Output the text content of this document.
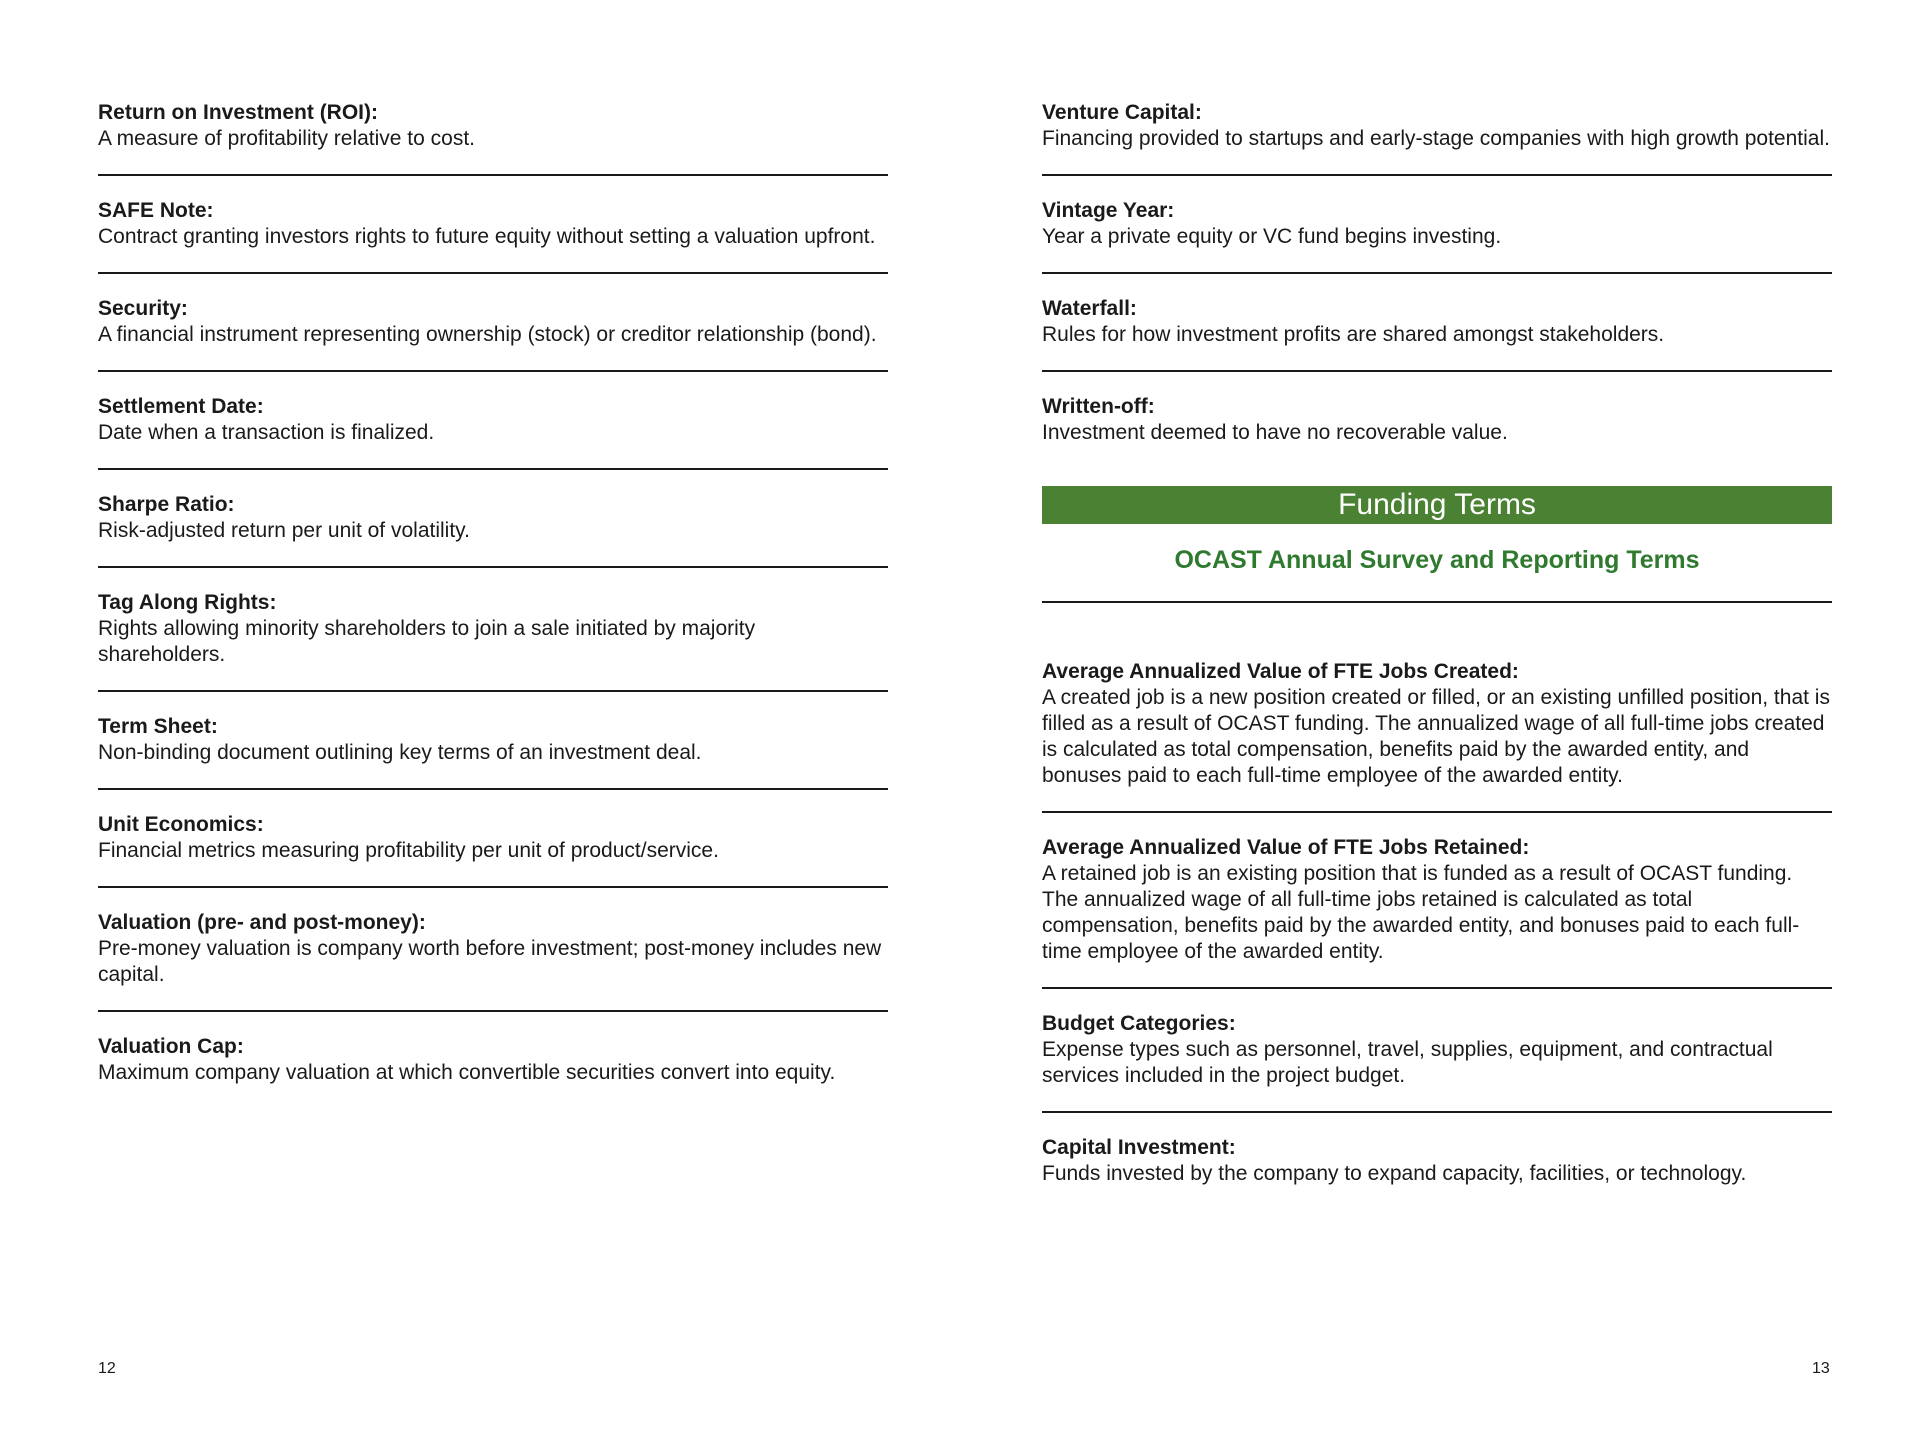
Return on Investment (ROI):
A measure of profitability relative to cost.
SAFE Note:
Contract granting investors rights to future equity without setting a valuation upfront.
Security:
A financial instrument representing ownership (stock) or creditor relationship (bond).
Settlement Date:
Date when a transaction is finalized.
Sharpe Ratio:
Risk-adjusted return per unit of volatility.
Tag Along Rights:
Rights allowing minority shareholders to join a sale initiated by majority shareholders.
Term Sheet:
Non-binding document outlining key terms of an investment deal.
Unit Economics:
Financial metrics measuring profitability per unit of product/service.
Valuation (pre- and post-money):
Pre-money valuation is company worth before investment; post-money includes new capital.
Valuation Cap:
Maximum company valuation at which convertible securities convert into equity.
Venture Capital:
Financing provided to startups and early-stage companies with high growth potential.
Vintage Year:
Year a private equity or VC fund begins investing.
Waterfall:
Rules for how investment profits are shared amongst stakeholders.
Written-off:
Investment deemed to have no recoverable value.
Funding Terms
OCAST Annual Survey and Reporting Terms
Average Annualized Value of FTE Jobs Created:
A created job is a new position created or filled, or an existing unfilled position, that is filled as a result of OCAST funding. The annualized wage of all full-time jobs created is calculated as total compensation, benefits paid by the awarded entity, and bonuses paid to each full-time employee of the awarded entity.
Average Annualized Value of FTE Jobs Retained:
A retained job is an existing position that is funded as a result of OCAST funding. The annualized wage of all full-time jobs retained is calculated as total compensation, benefits paid by the awarded entity, and bonuses paid to each full-time employee of the awarded entity.
Budget Categories:
Expense types such as personnel, travel, supplies, equipment, and contractual services included in the project budget.
Capital Investment:
Funds invested by the company to expand capacity, facilities, or technology.
12	13
